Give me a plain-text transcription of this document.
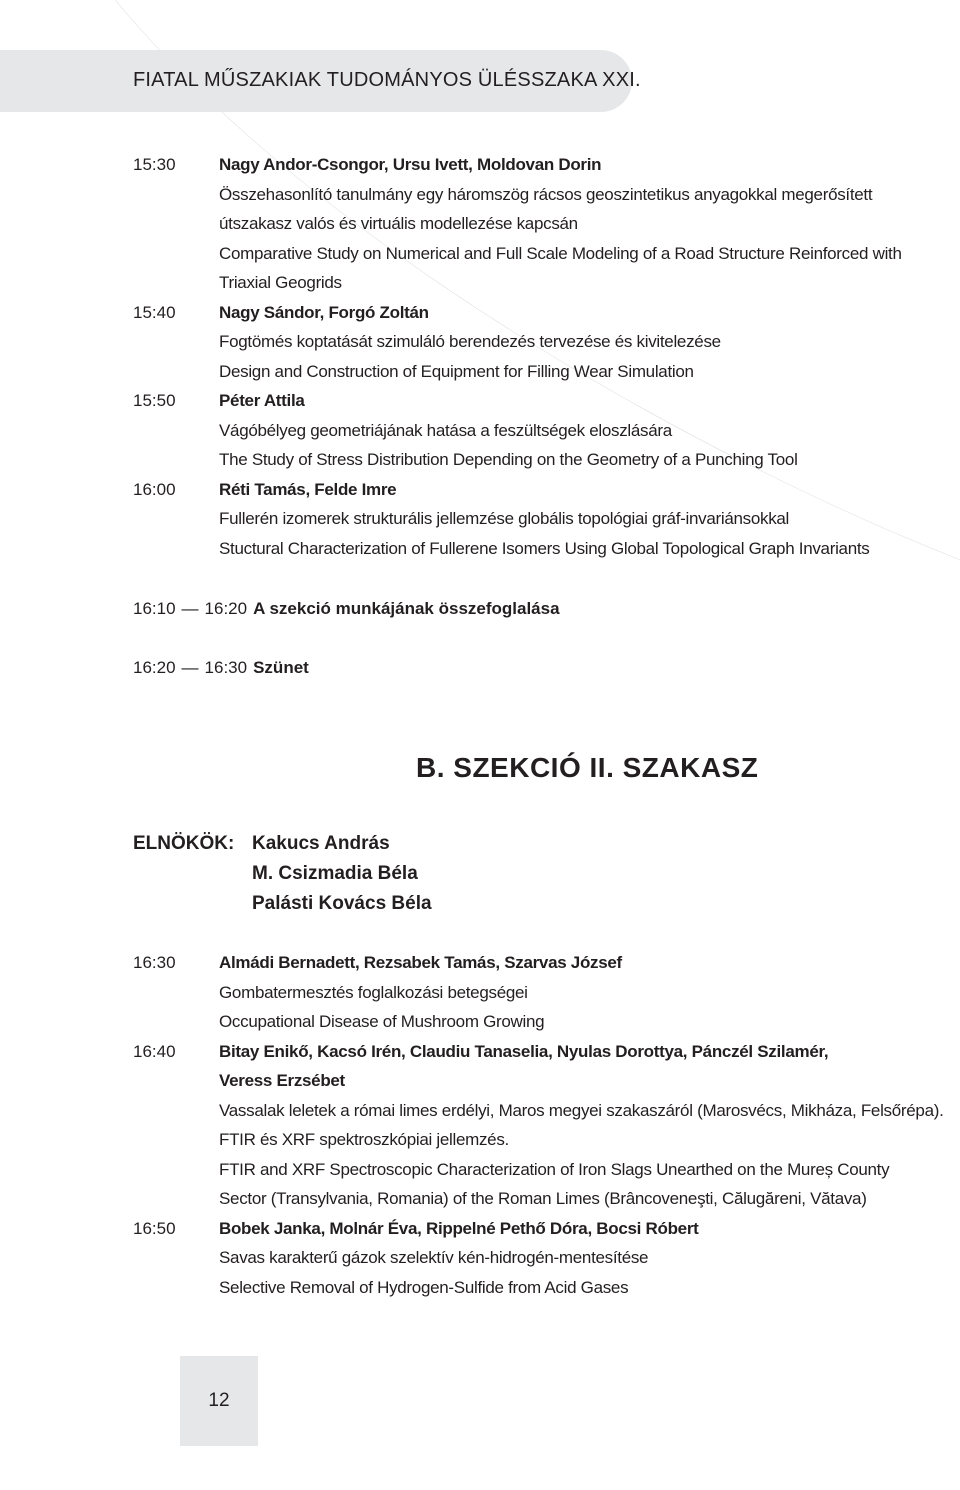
FIATAL MŰSZAKIAK TUDOMÁNYOS ÜLÉSSZAKA XXI.
15:30	Nagy Andor-Csongor, Ursu Ivett, Moldovan Dorin
Összehasonlító tanulmány egy háromszög rácsos geoszintetikus anyagokkal megerősített
útszakasz valós és virtuális modellezése kapcsán
Comparative Study on Numerical and Full Scale Modeling of a Road Structure Reinforced with
Triaxial Geogrids
15:40	Nagy Sándor, Forgó Zoltán
Fogtömés koptatását szimuláló berendezés tervezése és kivitelezése
Design and Construction of Equipment for Filling Wear Simulation
15:50	Péter Attila
Vágóbélyeg geometriájának hatása a feszültségek eloszlására
The Study of Stress Distribution Depending on the Geometry of a Punching Tool
16:00	Réti Tamás, Felde Imre
Fullerén izomerek strukturális jellemzése globális topológiai gráf-invariánsokkal
Stuctural Characterization of Fullerene Isomers Using Global Topological Graph Invariants
16:10 — 16:20 A szekció munkájának összefoglalása
16:20 — 16:30 Szünet
B. SZEKCIÓ II. SZAKASZ
ELNÖKÖK: Kakucs András
M. Csizmadia Béla
Palásti Kovács Béla
16:30	Almádi Bernadett, Rezsabek Tamás, Szarvas József
Gombatermesztés foglalkozási betegségei
Occupational Disease of Mushroom Growing
16:40	Bitay Enikő, Kacsó Irén, Claudiu Tanaselia, Nyulas Dorottya, Pánczél Szilamér,
Veress Erzsébet
Vassalak leletek a római limes erdélyi, Maros megyei szakaszáról (Marosvécs, Mikháza, Felsőrépa).
FTIR és XRF spektroszkópiai jellemzés.
FTIR and XRF Spectroscopic Characterization of Iron Slags Unearthed on the Mureș County
Sector (Transylvania, Romania) of the Roman Limes (Brâncoveneşti, Călugăreni, Vătava)
16:50	Bobek Janka, Molnár Éva, Rippelné Pethő Dóra, Bocsi Róbert
Savas karakterű gázok szelektív kén-hidrogén-mentesítése
Selective Removal of Hydrogen-Sulfide from Acid Gases
12
